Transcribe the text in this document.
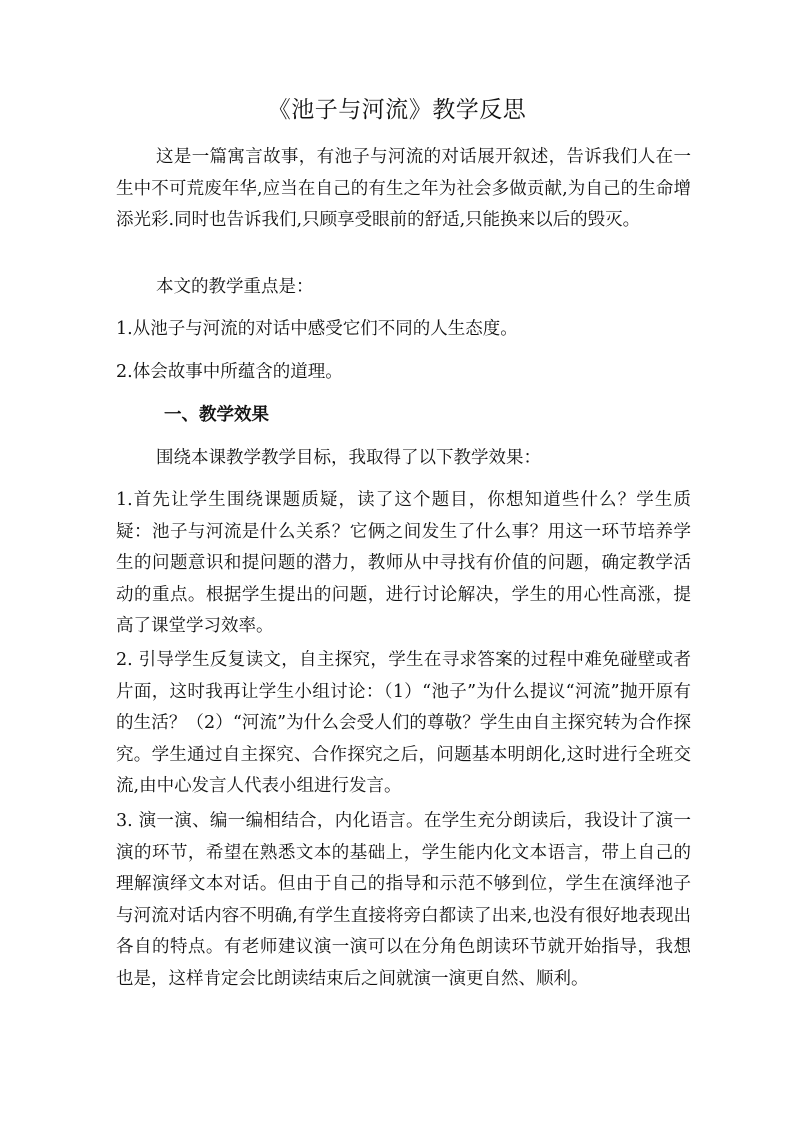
《池子与河流》教学反思

这是一篇寓言故事，有池子与河流的对话展开叙述，告诉我们人在一生中不可荒废年华,应当在自己的有生之年为社会多做贡献,为自己的生命增添光彩.同时也告诉我们,只顾享受眼前的舒适,只能换来以后的毁灭。

本文的教学重点是：

1.从池子与河流的对话中感受它们不同的人生态度。

2.体会故事中所蕴含的道理。

一、教学效果

围绕本课教学教学目标，我取得了以下教学效果：

1.首先让学生围绕课题质疑，读了这个题目，你想知道些什么？学生质疑：池子与河流是什么关系？它俩之间发生了什么事？用这一环节培养学生的问题意识和提问题的潜力，教师从中寻找有价值的问题，确定教学活动的重点。根据学生提出的问题，进行讨论解决，学生的用心性高涨，提高了课堂学习效率。

2. 引导学生反复读文，自主探究，学生在寻求答案的过程中难免碰壁或者片面，这时我再让学生小组讨论：（1）“池子”为什么提议“河流”抛开原有的生活？（2）“河流”为什么会受人们的尊敬？学生由自主探究转为合作探究。学生通过自主探究、合作探究之后，问题基本明朗化,这时进行全班交流,由中心发言人代表小组进行发言。

3. 演一演、编一编相结合，内化语言。在学生充分朗读后，我设计了演一演的环节，希望在熟悉文本的基础上，学生能内化文本语言，带上自己的理解演绎文本对话。但由于自己的指导和示范不够到位，学生在演绎池子与河流对话内容不明确,有学生直接将旁白都读了出来,也没有很好地表现出各自的特点。有老师建议演一演可以在分角色朗读环节就开始指导，我想也是，这样肯定会比朗读结束后之间就演一演更自然、顺利。
